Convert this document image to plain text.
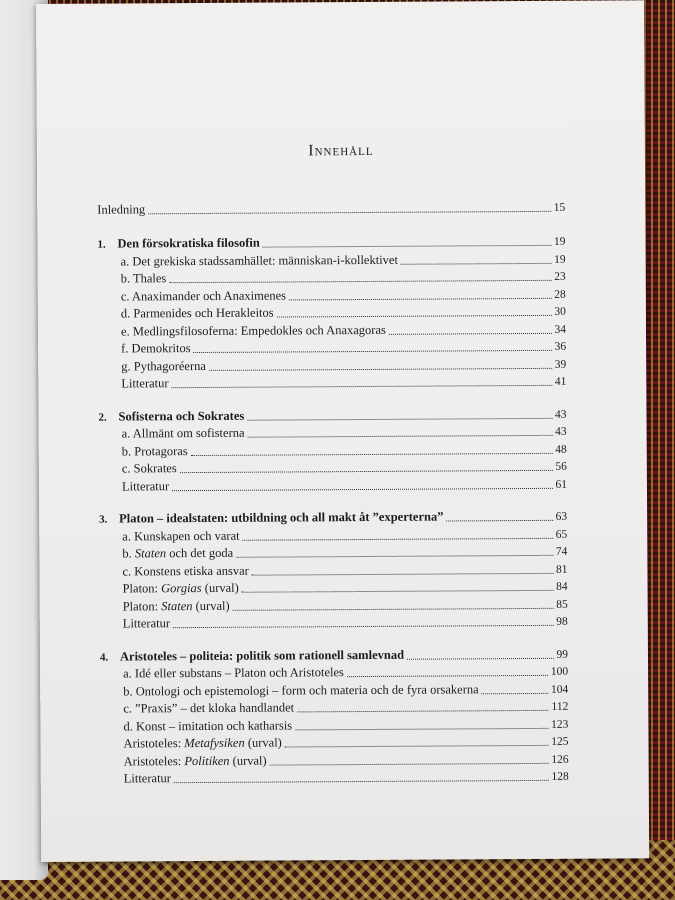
Innehåll
Inledning	15
1. Den försokratiska filosofin	19
a. Det grekiska stadssamhället: människan-i-kollektivet	19
b. Thales	23
c. Anaximander och Anaximenes	28
d. Parmenides och Herakleitos	30
e. Medlingsfilosoferna: Empedokles och Anaxagoras	34
f. Demokritos	36
g. Pythagoréerna	39
Litteratur	41
2. Sofisterna och Sokrates	43
a. Allmänt om sofisterna	43
b. Protagoras	48
c. Sokrates	56
Litteratur	61
3. Platon – idealstaten: utbildning och all makt åt ”experterna”	63
a. Kunskapen och varat	65
b. Staten och det goda	74
c. Konstens etiska ansvar	81
Platon: Gorgias (urval)	84
Platon: Staten (urval)	85
Litteratur	98
4. Aristoteles – politeia: politik som rationell samlevnad	99
a. Idé eller substans – Platon och Aristoteles	100
b. Ontologi och epistemologi – form och materia och de fyra orsakerna	104
c. ”Praxis” – det kloka handlandet	112
d. Konst – imitation och katharsis	123
Aristoteles: Metafysiken (urval)	125
Aristoteles: Politiken (urval)	126
Litteratur	128
